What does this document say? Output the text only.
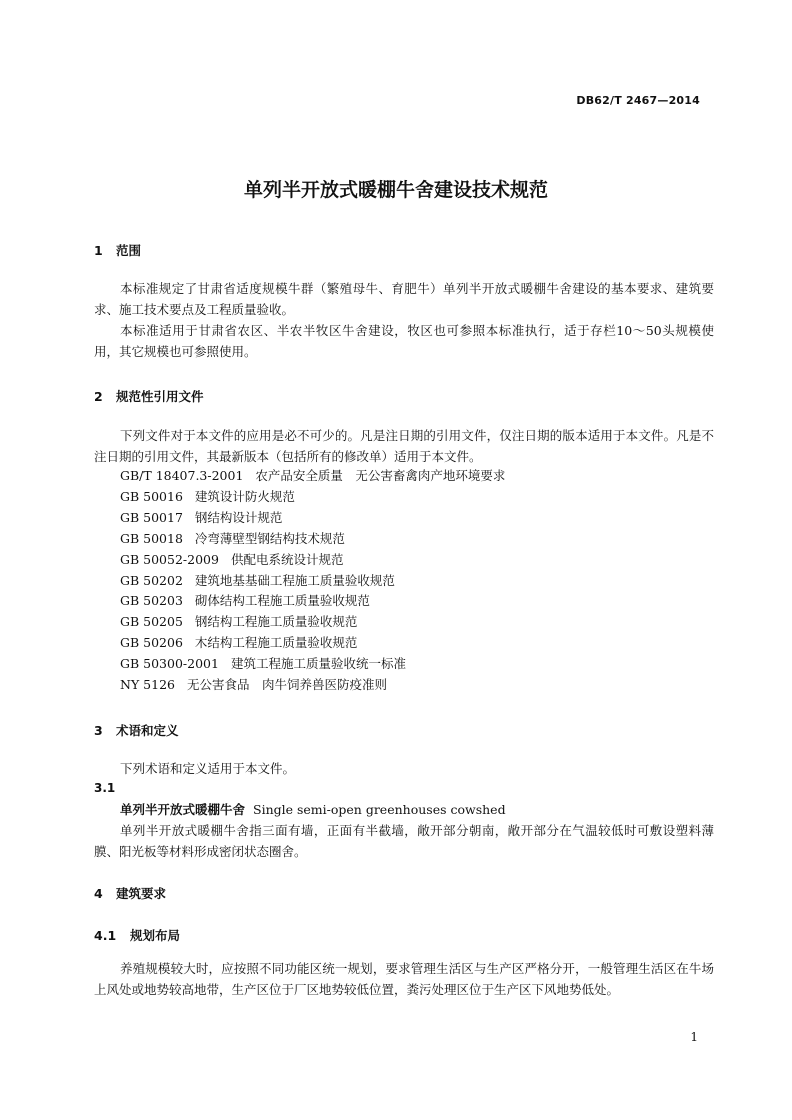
DB62/T 2467—2014
单列半开放式暖棚牛舍建设技术规范
1 范围
本标准规定了甘肃省适度规模牛群（繁殖母牛、育肥牛）单列半开放式暖棚牛舍建设的基本要求、建筑要求、施工技术要点及工程质量验收。
本标准适用于甘肃省农区、半农半牧区牛舍建设，牧区也可参照本标准执行，适于存栏10～50头规模使用，其它规模也可参照使用。
2 规范性引用文件
下列文件对于本文件的应用是必不可少的。凡是注日期的引用文件，仅注日期的版本适用于本文件。凡是不注日期的引用文件，其最新版本（包括所有的修改单）适用于本文件。
GB/T 18407.3-2001 农产品安全质量　无公害畜禽肉产地环境要求
GB 50016 建筑设计防火规范
GB 50017 钢结构设计规范
GB 50018 冷弯薄壁型钢结构技术规范
GB 50052-2009 供配电系统设计规范
GB 50202 建筑地基基础工程施工质量验收规范
GB 50203 砌体结构工程施工质量验收规范
GB 50205 钢结构工程施工质量验收规范
GB 50206 木结构工程施工质量验收规范
GB 50300-2001 建筑工程施工质量验收统一标准
NY 5126 无公害食品　肉牛饲养兽医防疫准则
3 术语和定义
下列术语和定义适用于本文件。
3.1
单列半开放式暖棚牛舍 Single semi-open greenhouses cowshed
单列半开放式暖棚牛舍指三面有墙，正面有半截墙，敞开部分朝南，敞开部分在气温较低时可敷设塑料薄膜、阳光板等材料形成密闭状态圈舍。
4 建筑要求
4.1 规划布局
养殖规模较大时，应按照不同功能区统一规划，要求管理生活区与生产区严格分开，一般管理生活区在牛场上风处或地势较高地带，生产区位于厂区地势较低位置，粪污处理区位于生产区下风地势低处。
1
